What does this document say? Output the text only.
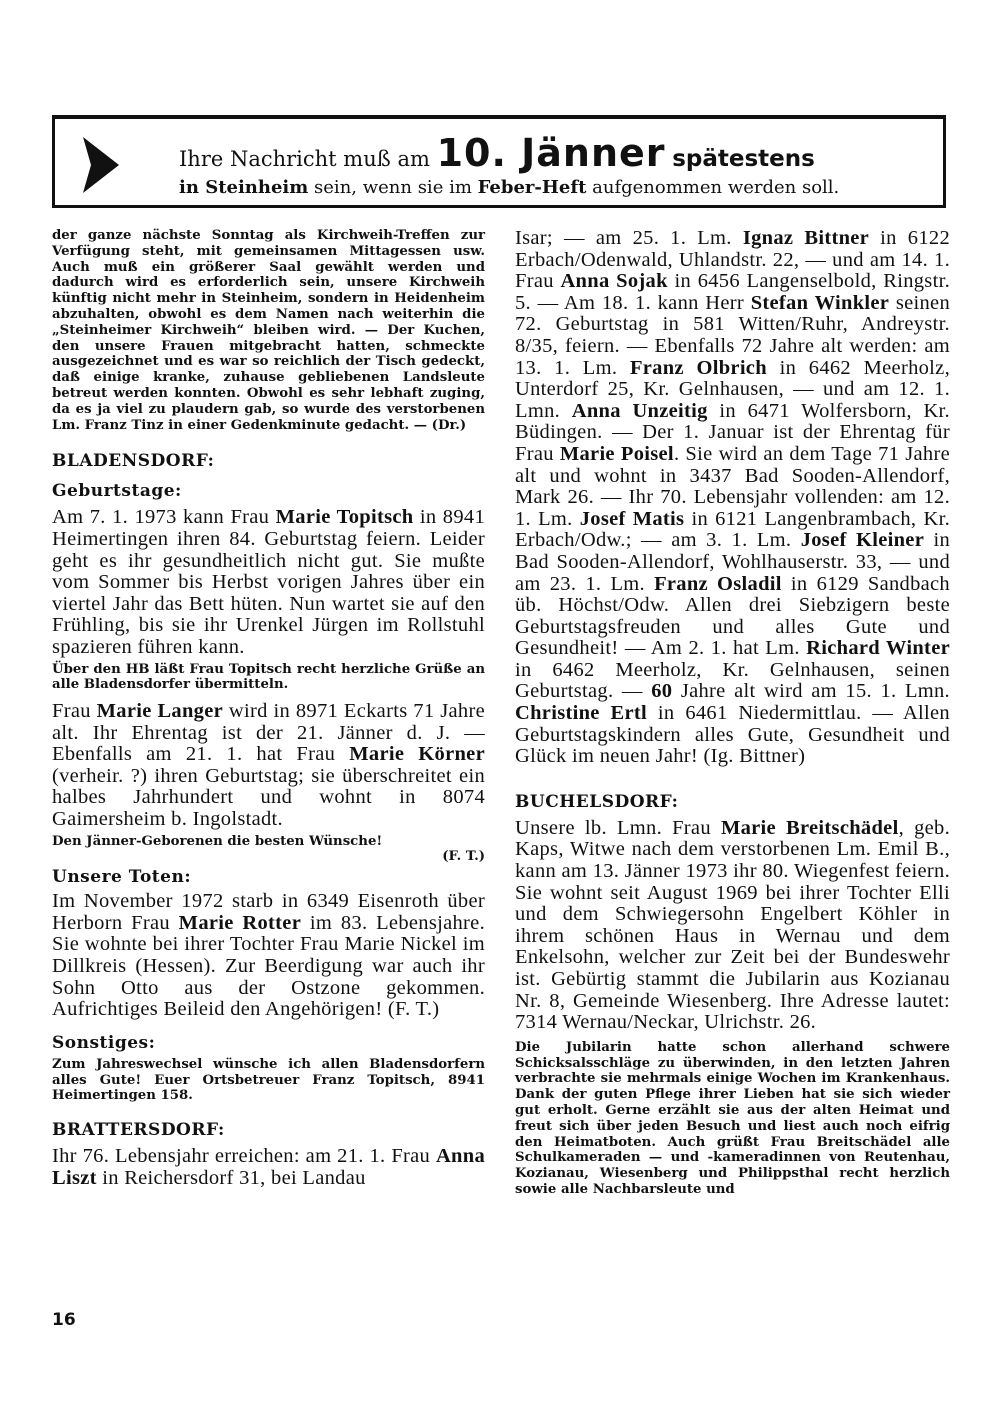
Ihre Nachricht muß am 10. Jänner spätestens
in Steinheim sein, wenn sie im Feber-Heft aufgenommen werden soll.

der ganze nächste Sonntag als Kirchweih-Treffen zur Verfügung steht, mit gemeinsamen Mittagessen usw. Auch muß ein größerer Saal gewählt werden und dadurch wird es erforderlich sein, unsere Kirchweih künftig nicht mehr in Steinheim, sondern in Heidenheim abzuhalten, obwohl es dem Namen nach weiterhin die „Steinheimer Kirchweih“ bleiben wird. — Der Kuchen, den unsere Frauen mitgebracht hatten, schmeckte ausgezeichnet und es war so reichlich der Tisch gedeckt, daß einige kranke, zuhause gebliebenen Landsleute betreut werden konnten. Obwohl es sehr lebhaft zuging, da es ja viel zu plaudern gab, so wurde des verstorbenen Lm. Franz Tinz in einer Gedenkminute gedacht. — (Dr.)

BLADENSDORF:

Geburtstage:

Am 7. 1. 1973 kann Frau Marie Topitsch in 8941 Heimertingen ihren 84. Geburtstag feiern. Leider geht es ihr gesundheitlich nicht gut. Sie mußte vom Sommer bis Herbst vorigen Jahres über ein viertel Jahr das Bett hüten. Nun wartet sie auf den Frühling, bis sie ihr Urenkel Jürgen im Rollstuhl spazieren führen kann.

Über den HB läßt Frau Topitsch recht herzliche Grüße an alle Bladensdorfer übermitteln.

Frau Marie Langer wird in 8971 Eckarts 71 Jahre alt. Ihr Ehrentag ist der 21. Jänner d. J. — Ebenfalls am 21. 1. hat Frau Marie Körner (verheir. ?) ihren Geburtstag; sie überschreitet ein halbes Jahrhundert und wohnt in 8074 Gaimersheim b. Ingolstadt.

Den Jänner-Geborenen die besten Wünsche!

(F. T.)

Unsere Toten:

Im November 1972 starb in 6349 Eisenroth über Herborn Frau Marie Rotter im 83. Lebensjahre. Sie wohnte bei ihrer Tochter Frau Marie Nickel im Dillkreis (Hessen). Zur Beerdigung war auch ihr Sohn Otto aus der Ostzone gekommen. Aufrichtiges Beileid den Angehörigen! (F. T.)

Sonstiges:

Zum Jahreswechsel wünsche ich allen Bladensdorfern alles Gute! Euer Ortsbetreuer Franz Topitsch, 8941 Heimertingen 158.

BRATTERSDORF:

Ihr 76. Lebensjahr erreichen: am 21. 1. Frau Anna Liszt in Reichersdorf 31, bei Landau

Isar; — am 25. 1. Lm. Ignaz Bittner in 6122 Erbach/Odenwald, Uhlandstr. 22, — und am 14. 1. Frau Anna Sojak in 6456 Langenselbold, Ringstr. 5. — Am 18. 1. kann Herr Stefan Winkler seinen 72. Geburtstag in 581 Witten/Ruhr, Andreystr. 8/35, feiern. — Ebenfalls 72 Jahre alt werden: am 13. 1. Lm. Franz Olbrich in 6462 Meerholz, Unterdorf 25, Kr. Gelnhausen, — und am 12. 1. Lmn. Anna Unzeitig in 6471 Wolfersborn, Kr. Büdingen. — Der 1. Januar ist der Ehrentag für Frau Marie Poisel. Sie wird an dem Tage 71 Jahre alt und wohnt in 3437 Bad Sooden-Allendorf, Mark 26. — Ihr 70. Lebensjahr vollenden: am 12. 1. Lm. Josef Matis in 6121 Langenbrambach, Kr. Erbach/Odw.; — am 3. 1. Lm. Josef Kleiner in Bad Sooden-Allendorf, Wohlhauserstr. 33, — und am 23. 1. Lm. Franz Osladil in 6129 Sandbach üb. Höchst/Odw. Allen drei Siebzigern beste Geburtstagsfreuden und alles Gute und Gesundheit! — Am 2. 1. hat Lm. Richard Winter in 6462 Meerholz, Kr. Gelnhausen, seinen Geburtstag. — 60 Jahre alt wird am 15. 1. Lmn. Christine Ertl in 6461 Niedermittlau. — Allen Geburtstagskindern alles Gute, Gesundheit und Glück im neuen Jahr! (Ig. Bittner)

BUCHELSDORF:

Unsere lb. Lmn. Frau Marie Breitschädel, geb. Kaps, Witwe nach dem verstorbenen Lm. Emil B., kann am 13. Jänner 1973 ihr 80. Wiegenfest feiern. Sie wohnt seit August 1969 bei ihrer Tochter Elli und dem Schwiegersohn Engelbert Köhler in ihrem schönen Haus in Wernau und dem Enkelsohn, welcher zur Zeit bei der Bundeswehr ist. Gebürtig stammt die Jubilarin aus Kozianau Nr. 8, Gemeinde Wiesenberg. Ihre Adresse lautet: 7314 Wernau/Neckar, Ulrichstr. 26.

Die Jubilarin hatte schon allerhand schwere Schicksalsschläge zu überwinden, in den letzten Jahren verbrachte sie mehrmals einige Wochen im Krankenhaus. Dank der guten Pflege ihrer Lieben hat sie sich wieder gut erholt. Gerne erzählt sie aus der alten Heimat und freut sich über jeden Besuch und liest auch noch eifrig den Heimatboten. Auch grüßt Frau Breitschädel alle Schulkameraden — und -kameradinnen von Reutenhau, Kozianau, Wiesenberg und Philippsthal recht herzlich sowie alle Nachbarsleute und

16
